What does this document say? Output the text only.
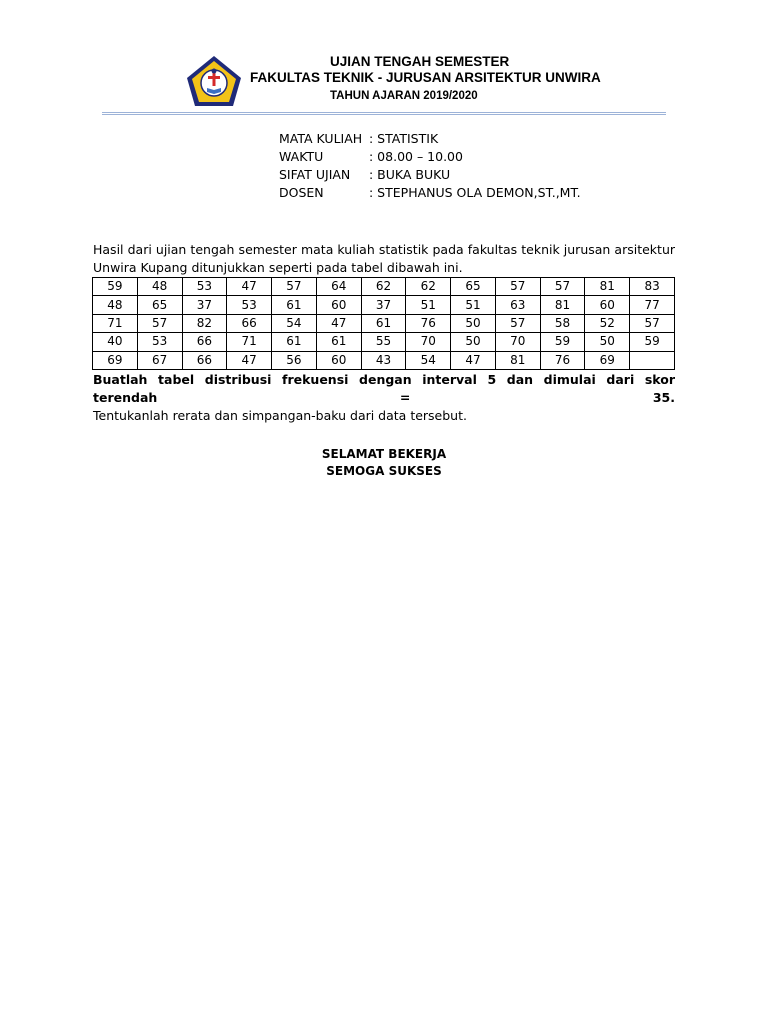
UJIAN TENGAH SEMESTER
FAKULTAS TEKNIK - JURUSAN ARSITEKTUR UNWIRA
TAHUN AJARAN 2019/2020
MATA KULIAH : STATISTIK
WAKTU	: 08.00 – 10.00
SIFAT UJIAN	: BUKA BUKU
DOSEN	: STEPHANUS OLA DEMON,ST.,MT.
Hasil dari ujian tengah semester mata kuliah statistik pada fakultas teknik jurusan arsitektur Unwira Kupang ditunjukkan seperti pada tabel dibawah ini.
59	48	53	47	57	64	62	62	65	57	57	81	83
48	65	37	53	61	60	37	51	51	63	81	60	77
71	57	82	66	54	47	61	76	50	57	58	52	57
40	53	66	71	61	61	55	70	50	70	59	50	59
69	67	66	47	56	60	43	54	47	81	76	69	
Buatlah tabel distribusi frekuensi dengan interval 5 dan dimulai dari skor terendah = 35.
Tentukanlah rerata dan simpangan-baku dari data tersebut.
SELAMAT BEKERJA
SEMOGA SUKSES
